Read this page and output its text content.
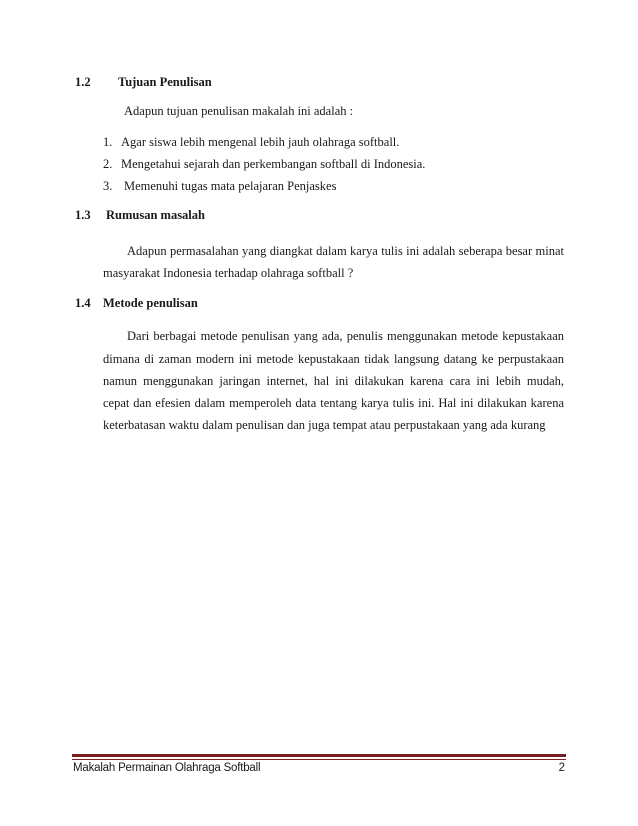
1.2 Tujuan Penulisan
Adapun tujuan penulisan makalah ini adalah :
1. Agar siswa lebih mengenal lebih jauh olahraga softball.
2. Mengetahui sejarah dan perkembangan softball di Indonesia.
3. Memenuhi tugas mata pelajaran Penjaskes
1.3 Rumusan masalah
Adapun permasalahan yang diangkat dalam karya tulis ini adalah seberapa besar minat
masyarakat Indonesia terhadap olahraga softball ?
1.4 Metode penulisan
Dari berbagai metode penulisan yang ada, penulis menggunakan metode kepustakaan
dimana di zaman modern ini metode kepustakaan tidak langsung datang ke perpustakaan
namun menggunakan jaringan internet, hal ini dilakukan karena cara ini lebih mudah,
cepat dan efesien dalam memperoleh data tentang karya tulis ini. Hal ini dilakukan karena
keterbatasan waktu dalam penulisan dan juga tempat atau perpustakaan yang ada kurang
Makalah Permainan Olahraga Softball	2
